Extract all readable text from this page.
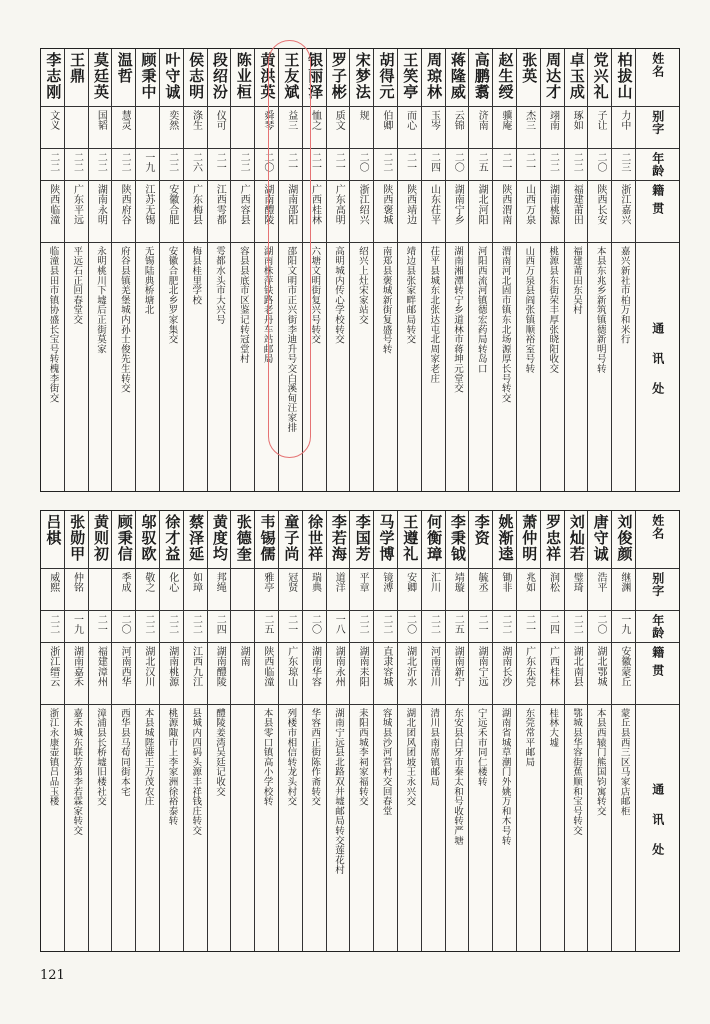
姓名
别字
年龄
籍贯
通讯处
柏拔山
力中
二三
浙江嘉兴
嘉兴新社市柏万和米行
党兴礼
子让
二〇
陕西长安
本县东兆乡新筑镇德新明号转
卓玉成
琢如
二二
福建莆田
福建莆田东吴村
周达才
翊南
二二
湖南桃源
桃源县东街荣丰厚张晓阳收交
张英
杰三
二一
山西万泉
山西万泉县阎张镇顺裕室号转
赵生绶
骥庵
二一
陕西渭南
渭南河北固市镇东北场源厚长号转交
高鹏翥
济南
二五
湖北河阳
河阳西流河镇德宏药局转岛口
蒋隆威
云锦
二〇
湖南宁乡
湖南湘潭转宁乡道林市蒋坤元堂交
周琼林
玉岑
二四
山东茌平
茌平县城东北张达屯北周家老庄
王笑亭
而心
二一
陕西靖边
靖边县张家畔邮局转交
胡得元
伯卿
二二
陕西褒城
南郑县褒城新街复盛号转
宋梦法
规
二〇
浙江绍兴
绍兴上灶宋家站交
罗子彬
质文
二一
广东高明
高明城内传心学校转交
银丽泽
恤之
二一
广西桂林
六塘文明街复兴号转交
王友斌
益三
二一
湖南邵阳
邵阳文明市正兴街李迪升号交白溪甸汪家排
黄洪英
舜琴
二〇
湖南醴陵
湖南株萍铁路老丹车站邮局
陈业桓
二二
广西容县
容县县底市区鉴记转冠堂村
段绍汾
仪可
二一
江西雩都
雩都水头市大兴号
侯志明
涤生
二六
广东梅县
梅县桂里学校
叶守诚
奕然
二二
安徽合肥
安徽合肥北乡罗家集交
顾秉中
一九
江苏无锡
无锡陆典桥塘北
温哲
慧灵
二二
陕西府谷
府谷县镇羌堡城内孙士俊先生转交
莫廷英
国韬
二二
湖南永明
永明桃川下墟后正街莫家
王鼎
二二
广东平远
平远石正回春堂交
李志刚
文义
二二
陕西临潼
临潼县田市镇协盛长宝号转槐李街交
姓名
别字
年龄
籍贯
通讯处
刘俊颜
继渊
一九
安徽蒙丘
蒙丘县西三区马家店邮柜
唐守诚
浩平
二〇
湖北鄂城
本县西辕门熊国钧寓转交
刘灿若
璧琦
二二
湖北南县
鄂城县华容街蕉顺和宝号转交
罗忠祥
润松
二四
广西桂林
桂林大墟
萧仲明
兆如
二一
广东东莞
东莞常平邮局
姚渐逵
锄非
二二
湖南长沙
湖南省城草潮门外姚万和木号转
李资
毓丞
二一
湖南宁远
宁远禾市同仁楼转
李秉钺
靖璇
二五
湖南新宁
东安县白牙市秦太和号收转严塘
何衡璋
汇川
二二
河南清川
清川县南席镇邮局
王遵礼
安卿
二〇
湖北沂水
湖北团风团坡王永兴交
马学博
镜溥
二二
直隶容城
容城县沙河营村交回春堂
李国芳
平章
二二
湖南耒阳
耒阳西城李祠家福转交
李若海
道洋
一八
湖南永州
湖南宁远县北路双井墟邮局转交莲花村
徐世祥
瑞典
二〇
湖南华容
华容西正街陈作斋转交
童子尚
冠贤
二一
广东琼山
列楼市相信转龙头村交
韦锡儒
雅亭
二五
陕西临潼
本县零口镇高小学校转
张德奎
湖南
黄度均
邦绳
二四
湖南醴陵
醴陵姜湾吴廷记收交
蔡泽延
如璋
二二
江西九江
县城内四码头源丰祥钱庄转交
徐才益
化心
二二
湖南桃源
桃源陬市上李家洲徐裕泰转
邬驭欧
敬之
二二
湖北汉川
本县城陛港王万茂农庄
顾秉信
季成
二〇
河南西华
西华县马荀同街本宅
黄则初
二一
福建漳州
漳浦县长桥墟旧楼社交
张勋甲
仲铭
一九
湖南嘉禾
嘉禾城东联芳第李若霖家转交
吕棋
威熙
二二
浙江缙云
浙江永康壶镇吕品玉楼
121
